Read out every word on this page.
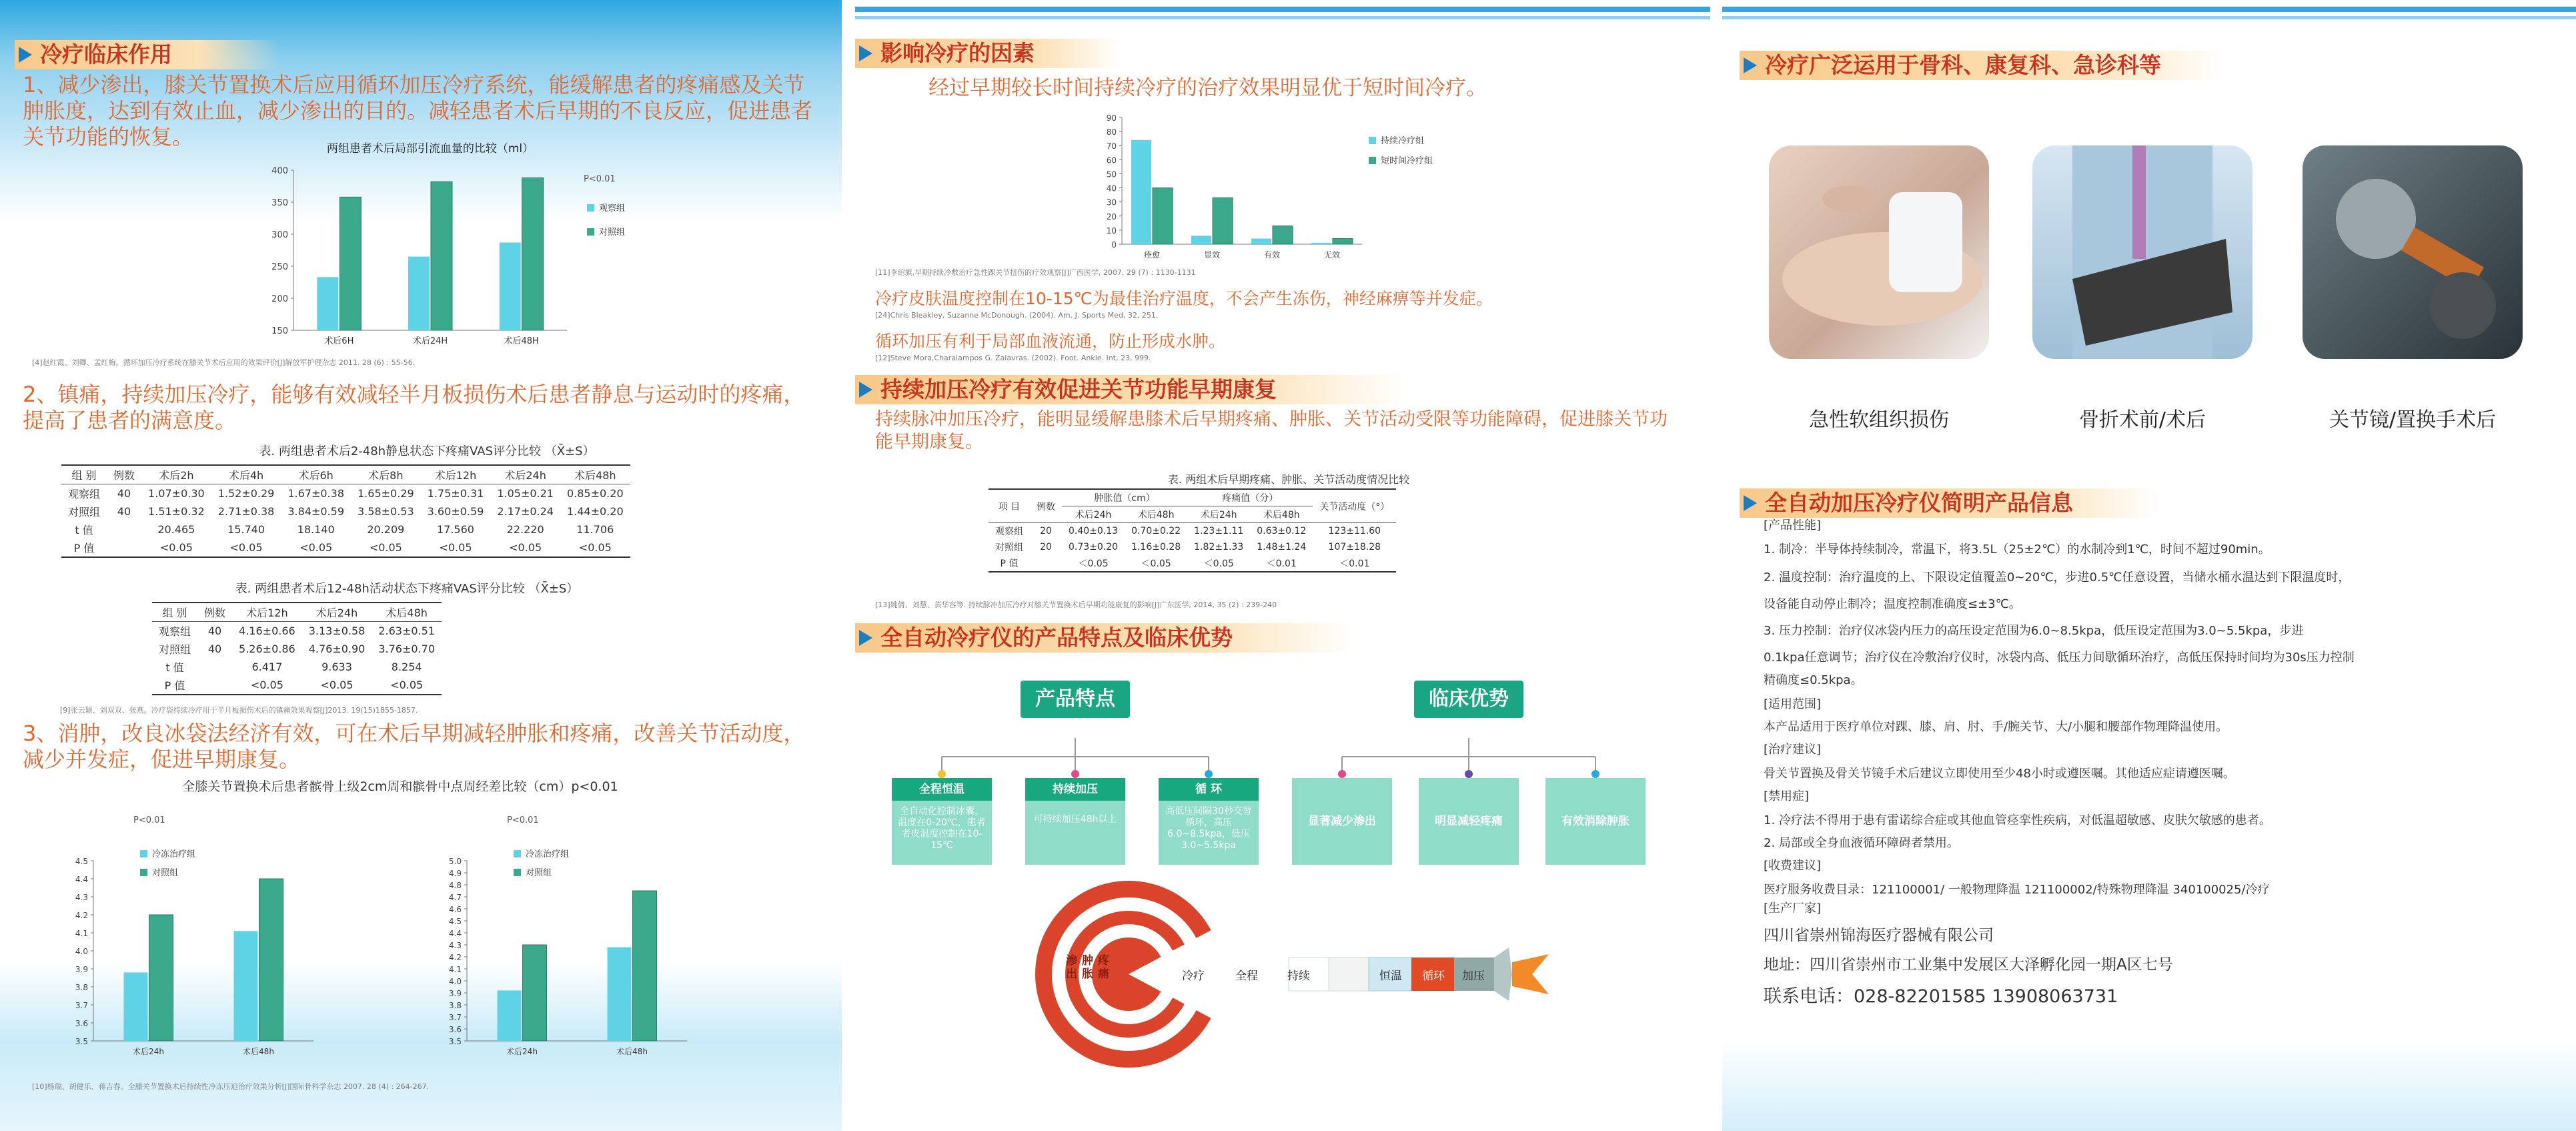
冷疗临床作用
1、减少渗出，膝关节置换术后应用循环加压冷疗系统，能缓解患者的疼痛感及关节肿胀度，达到有效止血，减少渗出的目的。减轻患者术后早期的不良反应，促进患者关节功能的恢复。	两组患者术后局部引流血量的比较（ml）
150
200
250
300
350
400
术后6H	术后24H	术后48H
观察组
对照组
P<0.01
[4]赵红霞、刘卿、孟红梅。循环加压冷疗系统在膝关节术后应用的效果评价[J]解放军护理杂志 2011. 28 (6) : 55-56.
2、镇痛，持续加压冷疗，能够有效减轻半月板损伤术后患者静息与运动时的疼痛，提高了患者的满意度。
表. 两组患者术后2-48h静息状态下疼痛VAS评分比较 （X̄±S）
组 别	例数	术后2h	术后4h	术后6h	术后8h	术后12h	术后24h	术后48h
观察组	40	1.07±0.30	1.52±0.29	1.67±0.38	1.65±0.29	1.75±0.31	1.05±0.21	0.85±0.20
对照组	40	1.51±0.32	2.71±0.38	3.84±0.59	3.58±0.53	3.60±0.59	2.17±0.24	1.44±0.20
t 值		20.465	15.740	18.140	20.209	17.560	22.220	11.706
P 值		<0.05	<0.05	<0.05	<0.05	<0.05	<0.05	<0.05
表. 两组患者术后12-48h活动状态下疼痛VAS评分比较 （X̄±S）
组 别	例数	术后12h	术后24h	术后48h
观察组	40	4.16±0.66	3.13±0.58	2.63±0.51
对照组	40	5.26±0.86	4.76±0.90	3.76±0.70
t 值		6.417	9.633	8.254
P 值		<0.05	<0.05	<0.05
[9]张云颖、刘双双、张燕。冷疗袋持续冷疗用于半月板损伤术后的镇痛效果观察[J]2013. 19(15)1855-1857.
3、消肿，改良冰袋法经济有效，可在术后早期减轻肿胀和疼痛，改善关节活动度，减少并发症，促进早期康复。
全膝关节置换术后患者髌骨上级2cm周和髌骨中点周经差比较（cm）p<0.01
3.5
3.6
3.7
3.8
3.9
4.0
4.1
4.2
4.3
4.4
4.5
术后24h	术后48h
冷冻治疗组
对照组
P<0.01
3.5
3.6
3.7
3.8
3.9
4.0
4.1
4.2
4.3
4.4
4.5
4.6
4.7
4.8
4.9
5.0
术后24h	术后48h
冷冻治疗组
对照组
P<0.01
[10]杨瑞、胡健乐、蒋吉春。全膝关节置换术后持续性冷冻压迫治疗效果分析[J]国际骨科学杂志 2007. 28 (4) : 264-267.
影响冷疗的因素
经过早期较长时间持续冷疗的治疗效果明显优于短时间冷疗。
0
10
20
30
40
50
60
70
80
90
痊愈	显效	有效	无效
持续冷疗组
短时间冷疗组
[11]李绍旗,早期持续冷敷治疗急性踝关节扭伤的疗效观察[J]广西医学, 2007, 29 (7) : 1130-1131
冷疗皮肤温度控制在10-15℃为最佳治疗温度，不会产生冻伤，神经麻痹等并发症。
[24]Chris Bleakley, Suzanne McDonough. (2004). Am. J. Sports Med, 32, 251.
循环加压有利于局部血液流通，防止形成水肿。
[12]Steve Mora,Charalampos G. Zalavras. (2002). Foot. Ankle. Int, 23, 999.
持续加压冷疗有效促进关节功能早期康复
持续脉冲加压冷疗，能明显缓解患膝术后早期疼痛、肿胀、关节活动受限等功能障碍，促进膝关节功能早期康复。
表. 两组术后早期疼痛、肿胀、关节活动度情况比较
项 目	例数	肿胀值（cm）		疼痛值（分）		关节活动度（°）
		术后24h	术后48h	术后24h	术后48h	
观察组	20	0.40±0.13	0.70±0.22	1.23±1.11	0.63±0.12	123±11.60
对照组	20	0.73±0.20	1.16±0.28	1.82±1.33	1.48±1.24	107±18.28
P 值		＜0.05	＜0.05	＜0.05	＜0.01	＜0.01
[13]姚倩、刘慧、黄华容等. 持续脉冲加压冷疗对膝关节置换术后早期功能康复的影响[J]广东医学, 2014, 35 (2) : 239-240
全自动冷疗仪的产品特点及临床优势
产品特点	临床优势
全程恒温
全自动化控制冰囊，温度在0-20℃，患者者皮温度控制在10-15℃
持续加压
可持续加压48h以上
循 环
高低压间隔30秒交替循环，高压6.0~8.5kpa，低压3.0~5.5kpa
显著减少渗出	明显减轻疼痛	有效消除肿胀
渗出
肿胀
疼痛	冷疗	全程	持续	恒温 循环 加压
冷疗广泛运用于骨科、康复科、急诊科等
急性软组织损伤	骨折术前/术后	关节镜/置换手术后
全自动加压冷疗仪简明产品信息
[产品性能]
1. 制冷：半导体持续制冷，常温下，将3.5L（25±2℃）的水制冷到1℃，时间不超过90min。
2. 温度控制：治疗温度的上、下限设定值覆盖0~20℃，步进0.5℃任意设置，当储水桶水温达到下限温度时，
设备能自动停止制冷；温度控制准确度≤±3℃。
3. 压力控制：治疗仪冰袋内压力的高压设定范围为6.0~8.5kpa，低压设定范围为3.0~5.5kpa，步进
0.1kpa任意调节；治疗仪在冷敷治疗仪时，冰袋内高、低压力间歇循环治疗，高低压保持时间均为30s压力控制
精确度≤0.5kpa。
[适用范围]
本产品适用于医疗单位对踝、膝、肩、肘、手/腕关节、大/小腿和腰部作物理降温使用。
[治疗建议]
骨关节置换及骨关节镜手术后建议立即使用至少48小时或遵医嘱。其他适应症请遵医嘱。
[禁用症]
1. 冷疗法不得用于患有雷诺综合症或其他血管痉挛性疾病，对低温超敏感、皮肤欠敏感的患者。
2. 局部或全身血液循环障碍者禁用。
[收费建议]
医疗服务收费目录：121100001/ 一般物理降温 121100002/特殊物理降温 340100025/冷疗
[生产厂家]
四川省崇州锦海医疗器械有限公司
地址：四川省崇州市工业集中发展区大泽孵化园一期A区七号
联系电话：028-82201585 13908063731
